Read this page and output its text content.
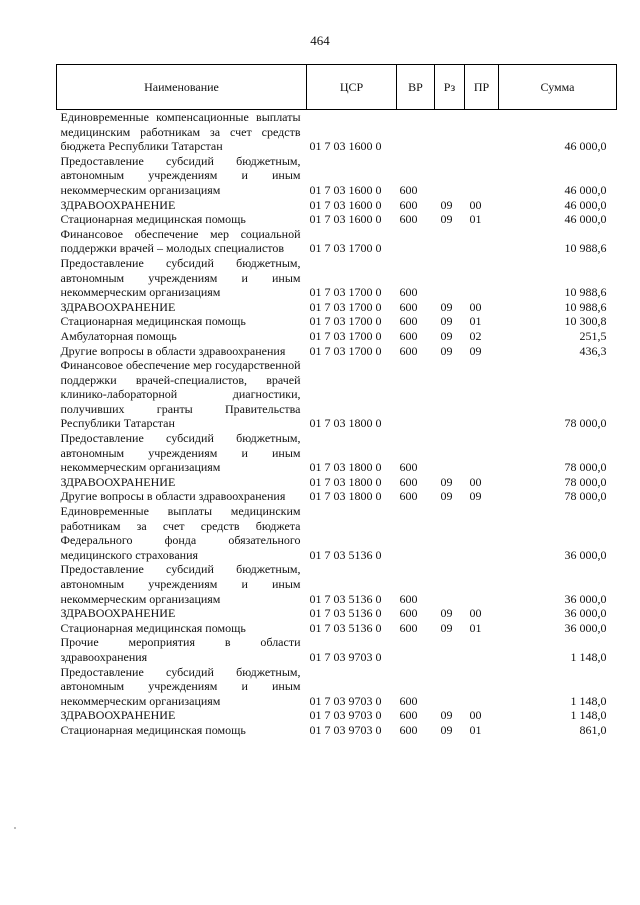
464
Наименование	ЦСР	ВР	Рз	ПР	Сумма
Единовременные компенсационные выплаты медицинским работникам за счет средств бюджета Республики Татарстан	01 7 03 1600 0				46 000,0
Предоставление субсидий бюджетным, автономным учреждениям и иным некоммерческим организациям	01 7 03 1600 0	600			46 000,0
ЗДРАВООХРАНЕНИЕ	01 7 03 1600 0	600	09	00	46 000,0
Стационарная медицинская помощь	01 7 03 1600 0	600	09	01	46 000,0
Финансовое обеспечение мер социальной поддержки врачей – молодых специалистов	01 7 03 1700 0				10 988,6
Предоставление субсидий бюджетным, автономным учреждениям и иным некоммерческим организациям	01 7 03 1700 0	600			10 988,6
ЗДРАВООХРАНЕНИЕ	01 7 03 1700 0	600	09	00	10 988,6
Стационарная медицинская помощь	01 7 03 1700 0	600	09	01	10 300,8
Амбулаторная помощь	01 7 03 1700 0	600	09	02	251,5
Другие вопросы в области здравоохранения	01 7 03 1700 0	600	09	09	436,3
Финансовое обеспечение мер государственной поддержки врачей-специалистов, врачей клинико-лабораторной диагностики, получивших гранты Правительства Республики Татарстан	01 7 03 1800 0				78 000,0
Предоставление субсидий бюджетным, автономным учреждениям и иным некоммерческим организациям	01 7 03 1800 0	600			78 000,0
ЗДРАВООХРАНЕНИЕ	01 7 03 1800 0	600	09	00	78 000,0
Другие вопросы в области здравоохранения	01 7 03 1800 0	600	09	09	78 000,0
Единовременные выплаты медицинским работникам за счет средств бюджета Федерального фонда обязательного медицинского страхования	01 7 03 5136 0				36 000,0
Предоставление субсидий бюджетным, автономным учреждениям и иным некоммерческим организациям	01 7 03 5136 0	600			36 000,0
ЗДРАВООХРАНЕНИЕ	01 7 03 5136 0	600	09	00	36 000,0
Стационарная медицинская помощь	01 7 03 5136 0	600	09	01	36 000,0
Прочие мероприятия в области здравоохранения	01 7 03 9703 0				1 148,0
Предоставление субсидий бюджетным, автономным учреждениям и иным некоммерческим организациям	01 7 03 9703 0	600			1 148,0
ЗДРАВООХРАНЕНИЕ	01 7 03 9703 0	600	09	00	1 148,0
Стационарная медицинская помощь	01 7 03 9703 0	600	09	01	861,0
